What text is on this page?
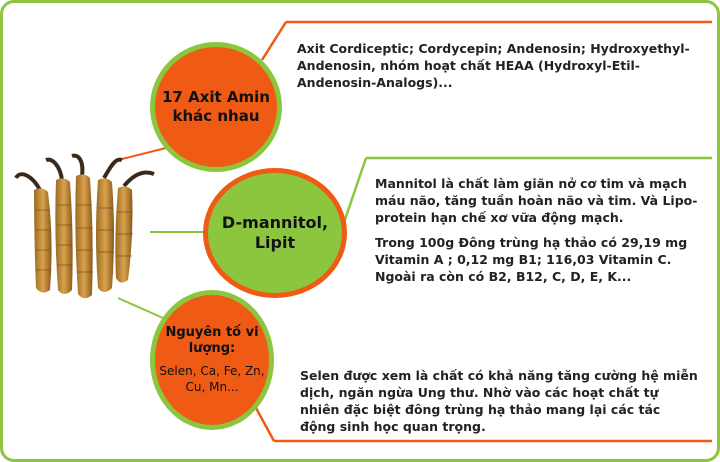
17 Axit Amin khác nhau
D-mannitol, Lipit
Nguyên tố vi lượng:
Selen, Ca, Fe, Zn, Cu, Mn...
Axit Cordiceptic; Cordycepin; Andenosin; Hydroxyethyl-Andenosin, nhóm hoạt chất HEAA (Hydroxyl-Etil-Andenosin-Analogs)...
Mannitol là chất làm giãn nở cơ tim và mạch máu não, tăng tuần hoàn não và tim. Và Lipo-protein hạn chế xơ vữa động mạch.
Trong 100g Đông trùng hạ thảo có 29,19 mg Vitamin A ; 0,12 mg B1; 116,03 Vitamin C. Ngoài ra còn có B2, B12, C, D, E, K...
Selen được xem là chất có khả năng tăng cường hệ miễn dịch, ngăn ngừa Ung thư. Nhờ vào các hoạt chất tự nhiên đặc biệt đông trùng hạ thảo mang lại các tác động sinh học quan trọng.
